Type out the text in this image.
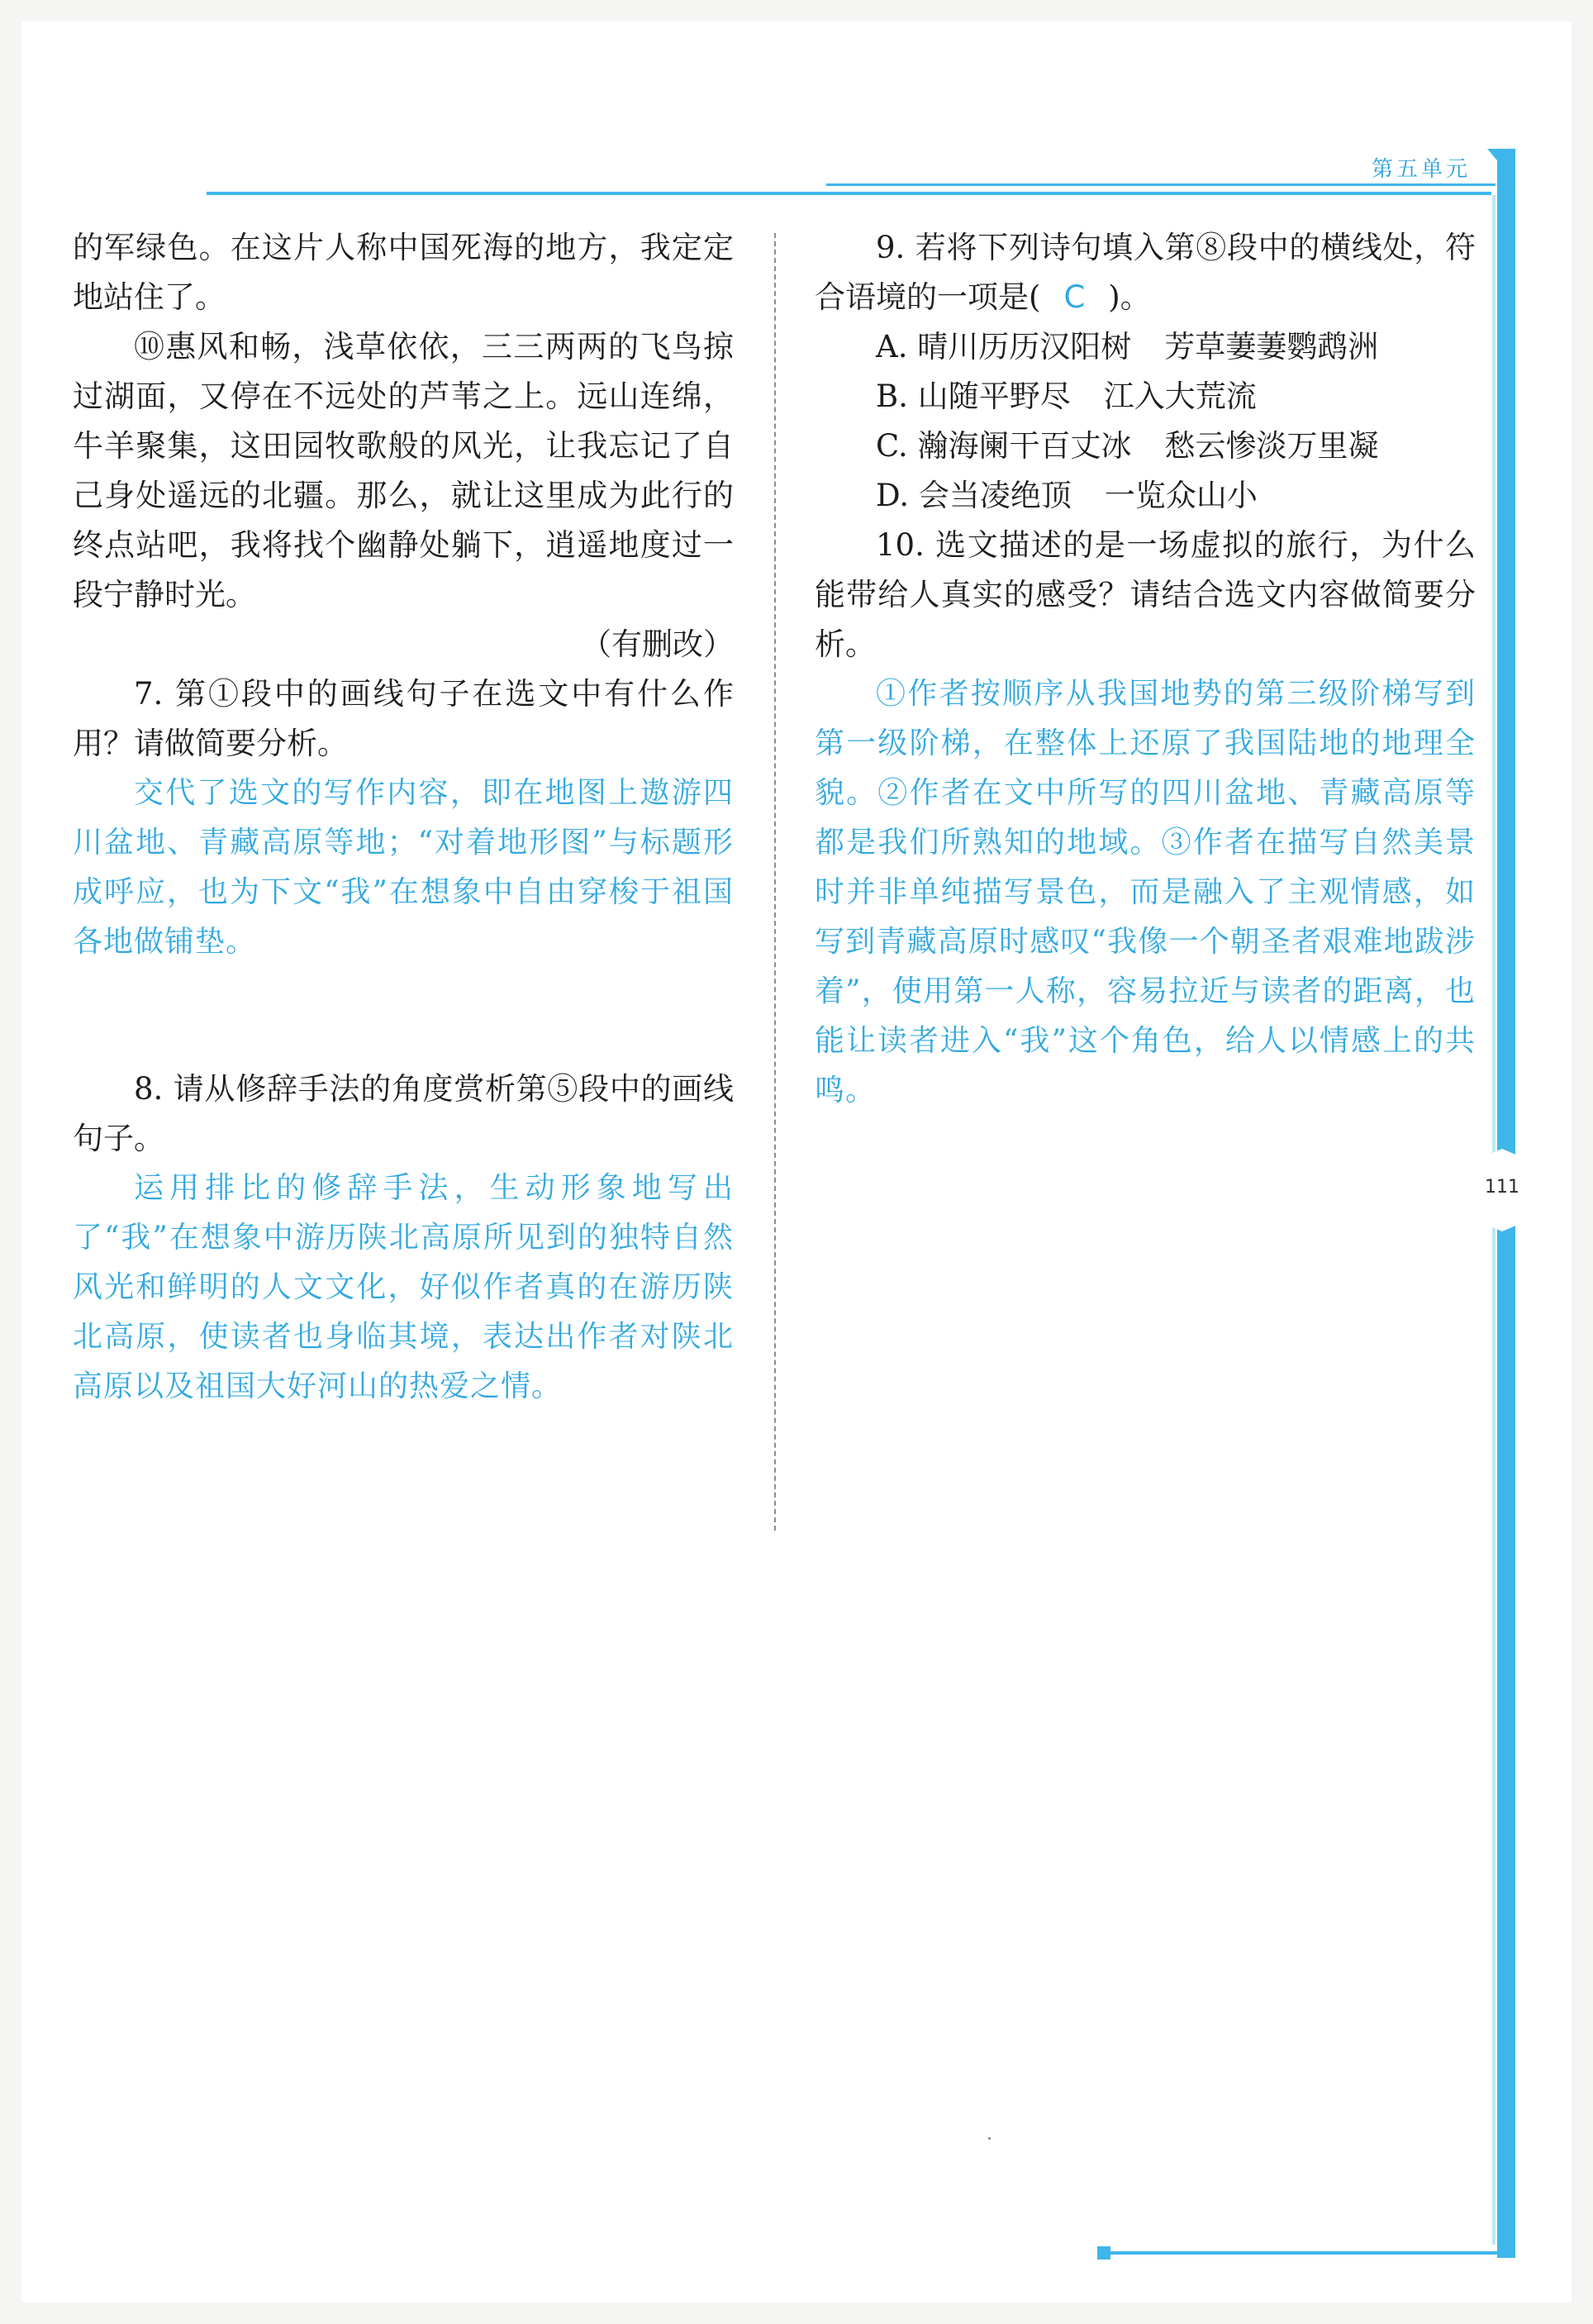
第五单元
111

的军绿色。在这片人称中国死海的地方，我定定地站住了。

⑩惠风和畅，浅草依依，三三两两的飞鸟掠过湖面，又停在不远处的芦苇之上。远山连绵，牛羊聚集，这田园牧歌般的风光，让我忘记了自己身处遥远的北疆。那么，就让这里成为此行的终点站吧，我将找个幽静处躺下，逍遥地度过一段宁静时光。

（有删改）

7. 第①段中的画线句子在选文中有什么作用？请做简要分析。

交代了选文的写作内容，即在地图上遨游四川盆地、青藏高原等地；“对着地形图”与标题形成呼应，也为下文“我”在想象中自由穿梭于祖国各地做铺垫。

8. 请从修辞手法的角度赏析第⑤段中的画线句子。

运用排比的修辞手法，生动形象地写出了“我”在想象中游历陕北高原所见到的独特自然风光和鲜明的人文文化，好似作者真的在游历陕北高原，使读者也身临其境，表达出作者对陕北高原以及祖国大好河山的热爱之情。

9. 若将下列诗句填入第⑧段中的横线处，符合语境的一项是( C )。

A. 晴川历历汉阳树 芳草萋萋鹦鹉洲

B. 山随平野尽 江入大荒流

C. 瀚海阑干百丈冰 愁云惨淡万里凝

D. 会当凌绝顶 一览众山小

10. 选文描述的是一场虚拟的旅行，为什么能带给人真实的感受？请结合选文内容做简要分析。

①作者按顺序从我国地势的第三级阶梯写到第一级阶梯，在整体上还原了我国陆地的地理全貌。②作者在文中所写的四川盆地、青藏高原等都是我们所熟知的地域。③作者在描写自然美景时并非单纯描写景色，而是融入了主观情感，如写到青藏高原时感叹“我像一个朝圣者艰难地跋涉着”，使用第一人称，容易拉近与读者的距离，也能让读者进入“我”这个角色，给人以情感上的共鸣。
